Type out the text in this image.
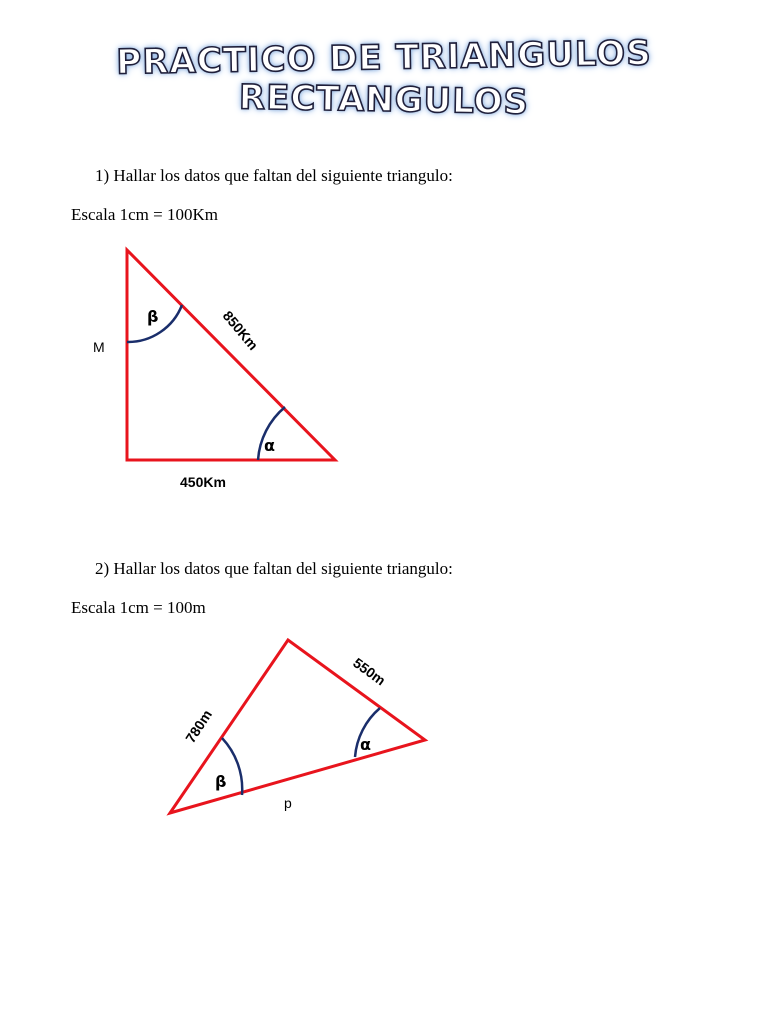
PRACTICO DE TRIANGULOS
RECTANGULOS
1) Hallar los datos que faltan del siguiente triangulo:
Escala 1cm = 100Km
2) Hallar los datos que faltan del siguiente triangulo:
Escala 1cm = 100m
β
α
850Km
450Km
M
β
α
780m
550m
p
